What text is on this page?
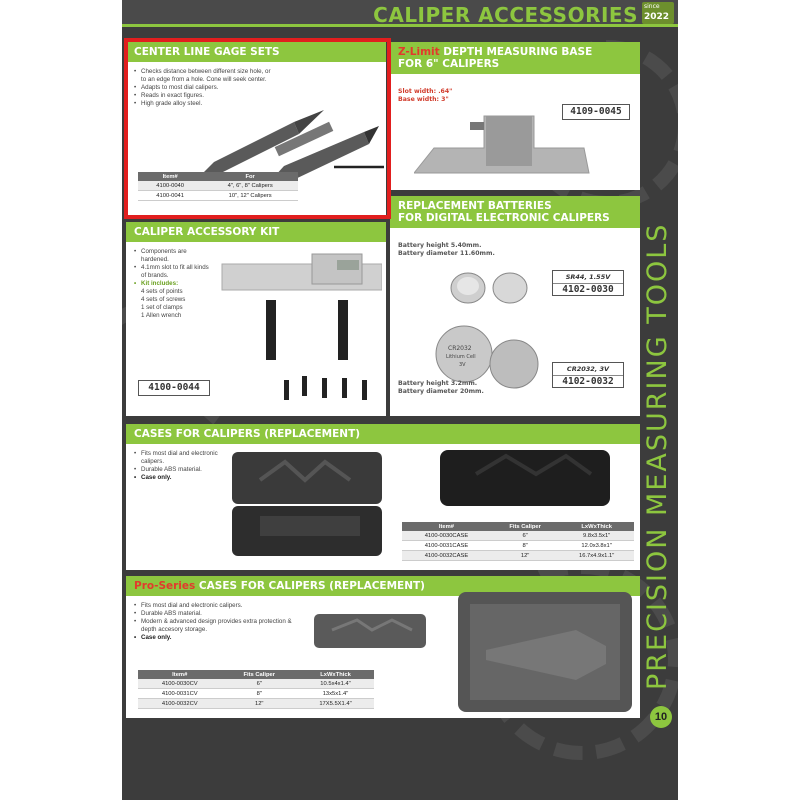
CALIPER ACCESSORIES since
2022
CENTER LINE GAGE SETS
• Checks distance between different size hole, or to an edge from a hole. Cone will seek center.
• Adapts to most dial calipers.
• Reads in exact figures.
• High grade alloy steel.
Item#	For
4100-0040	4", 6", 8" Calipers
4100-0041	10", 12" Calipers
Z-Limit DEPTH MEASURING BASE
FOR 6" CALIPERS
Slot width: .64"
Base width: 3"
4109-0045
REPLACEMENT BATTERIES
FOR DIGITAL ELECTRONIC CALIPERS
Battery height 5.40mm.
Battery diameter 11.60mm.
SR44, 1.55V
4102-0030
CR2032
Lithium Cell
3V	CR2032, 3V
4102-0032
Battery height 3.2mm.
Battery diameter 20mm.
CALIPER ACCESSORY KIT
• Components are hardened.
• 4.1mm slot to fit all kinds of brands.
• Kit includes:
4 sets of points
4 sets of screws
1 set of clamps
1 Allen wrench
4100-0044
CASES FOR CALIPERS (REPLACEMENT)
• Fits most dial and electronic calipers.
• Durable ABS material.
• Case only.
Item#	Fits Caliper	LxWxThick
4100-0030CASE	6"	9.8x3.5x1"
4100-0031CASE	8"	12.0x3.8x1"
4100-0032CASE	12"	16.7x4.9x1.1"
Pro-Series CASES FOR CALIPERS (REPLACEMENT)
• Fits most dial and electronic calipers.
• Durable ABS material.
• Modern & advanced design provides extra protection & depth accesory storage.
• Case only.
Item#	Fits Caliper	LxWxThick
4100-0030CV	6"	10.5x4x1.4"
4100-0031CV	8"	13x5x1.4"
4100-0032CV	12"	17X5.5X1.4"
PRECISION MEASURING TOOLS
10
